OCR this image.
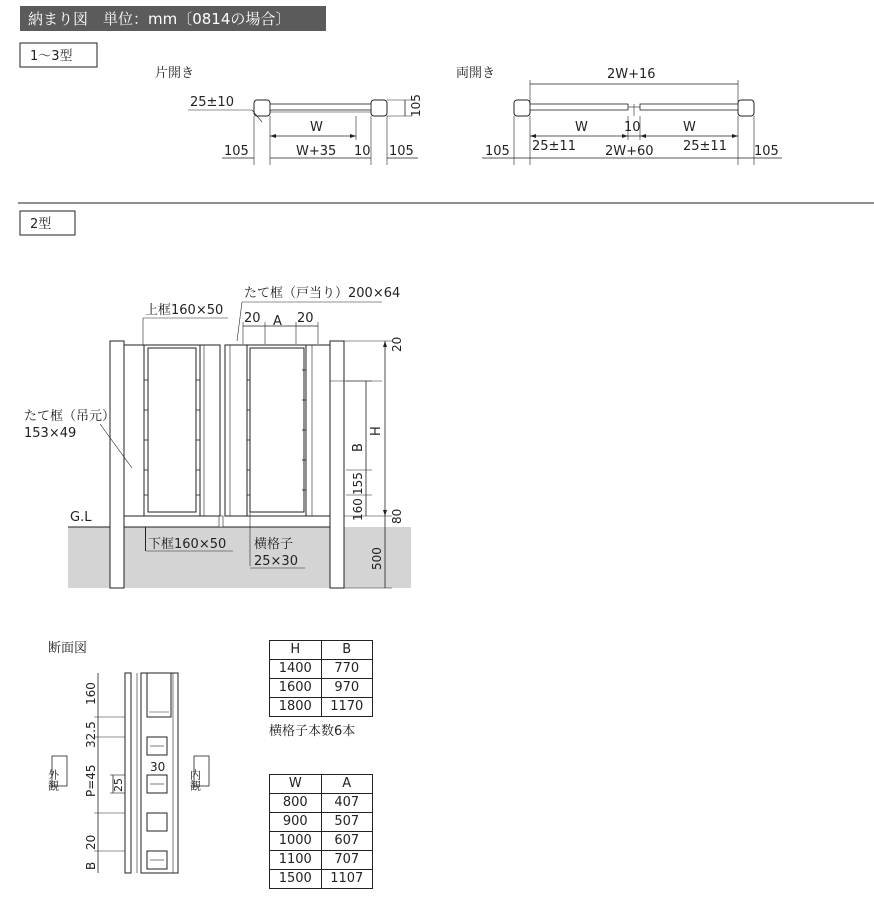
納まり図　単位：mm〔0814の場合〕
1〜3型
片開き
25±10	105
W
W+35 10
105	105
両開き	2W+16
W	10	W
105 25±11 2W+60 25±11 105
2型
G.L
上框160×50
たて框（戸当り）200×64
20 A 20
たて框（吊元）
153×49
下框160×50 横格子
25×30
20
H
80
500
B
155
160
断面図
外観	内観
30
160
32.5
P=45 25
B
20
H	B
1400	770
1600	970
1800	1170
横格子本数6本
W	A
800	407
900	507
1000	607
1100	707
1500	1107
